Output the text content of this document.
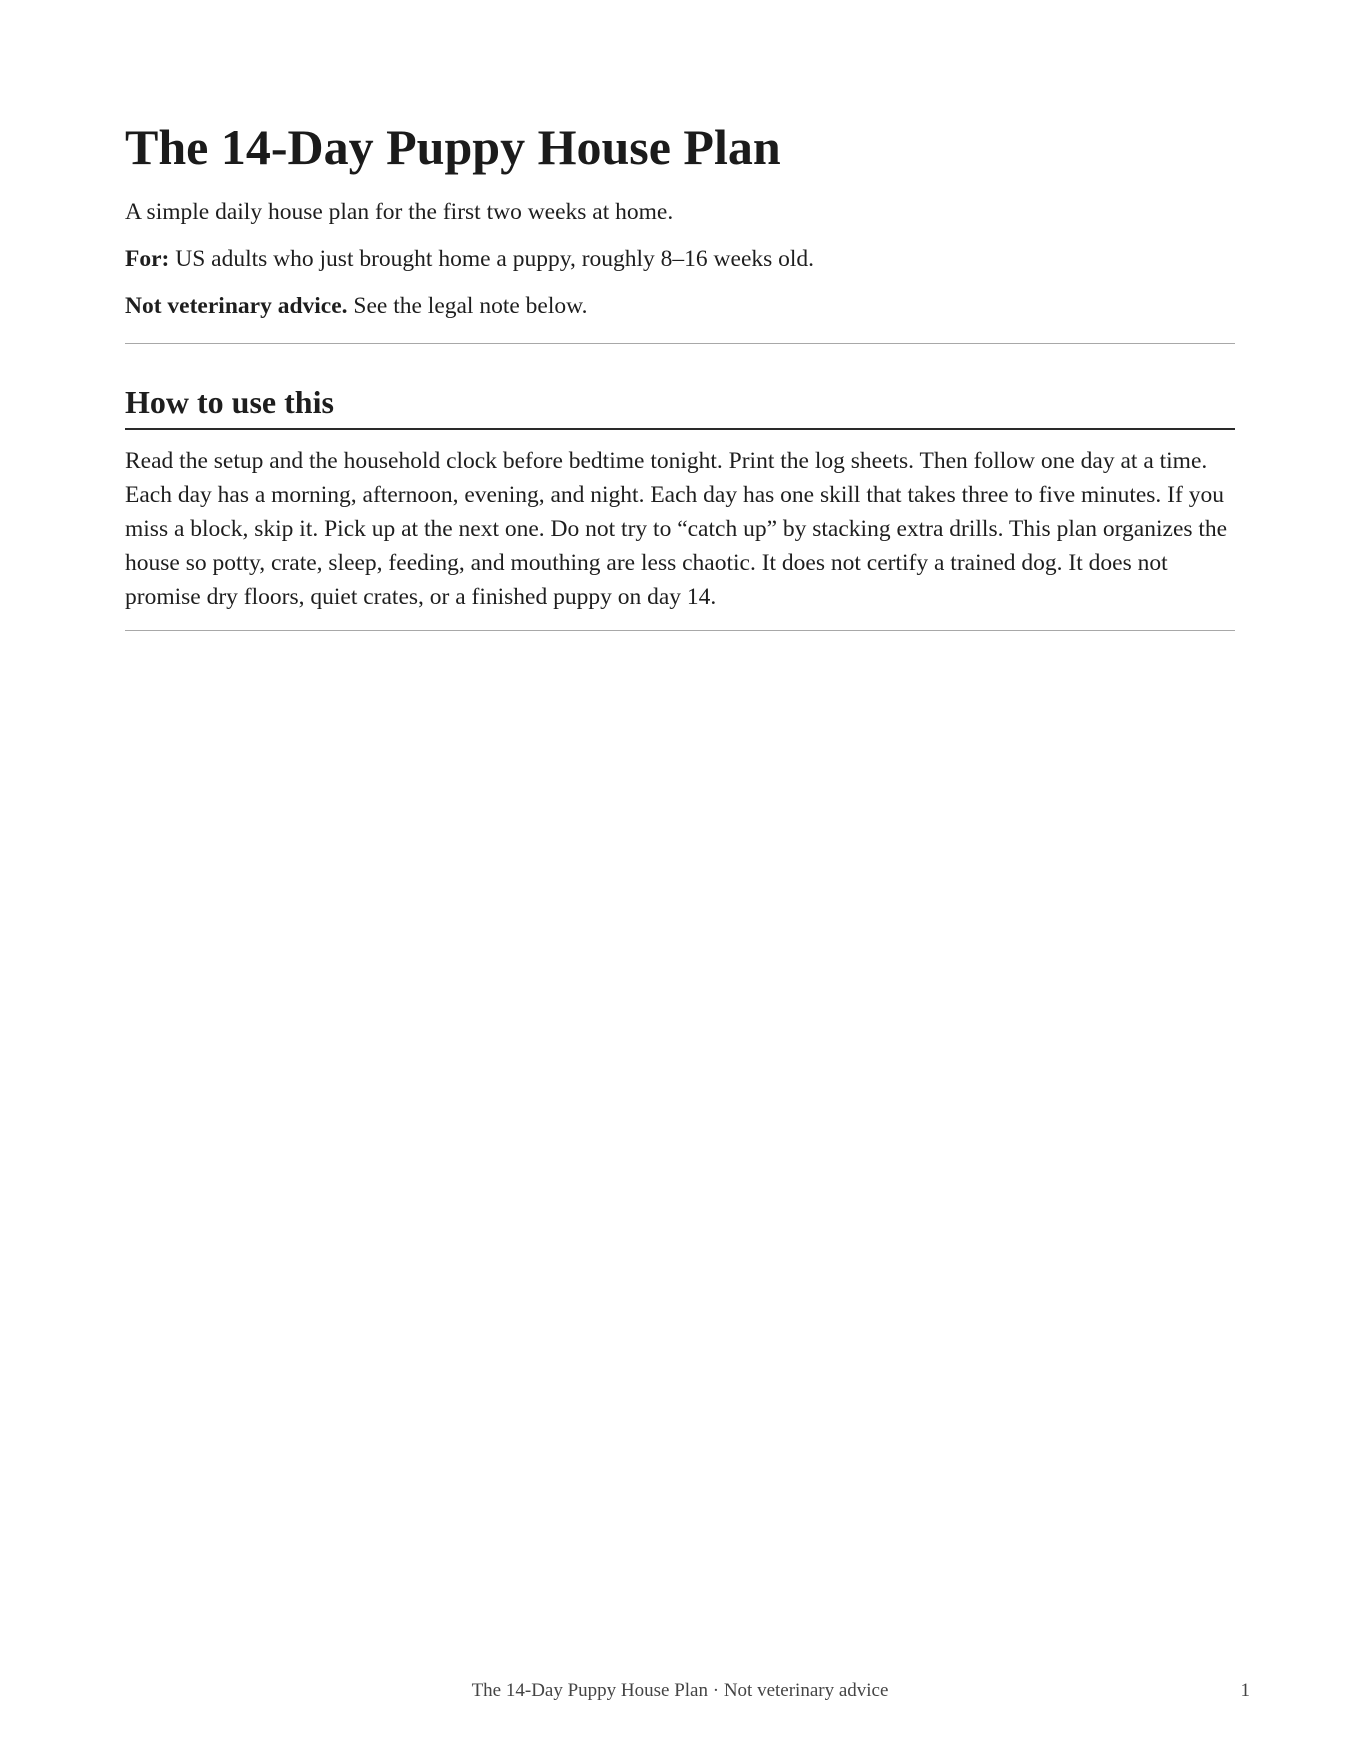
The 14-Day Puppy House Plan

A simple daily house plan for the first two weeks at home.

For: US adults who just brought home a puppy, roughly 8–16 weeks old.

Not veterinary advice. See the legal note below.

How to use this

Read the setup and the household clock before bedtime tonight. Print the log sheets. Then follow one day at a time. Each day has a morning, afternoon, evening, and night. Each day has one skill that takes three to five minutes. If you miss a block, skip it. Pick up at the next one. Do not try to “catch up” by stacking extra drills. This plan organizes the house so potty, crate, sleep, feeding, and mouthing are less chaotic. It does not certify a trained dog. It does not promise dry floors, quiet crates, or a finished puppy on day 14.

The 14-Day Puppy House Plan · Not veterinary advice	1
